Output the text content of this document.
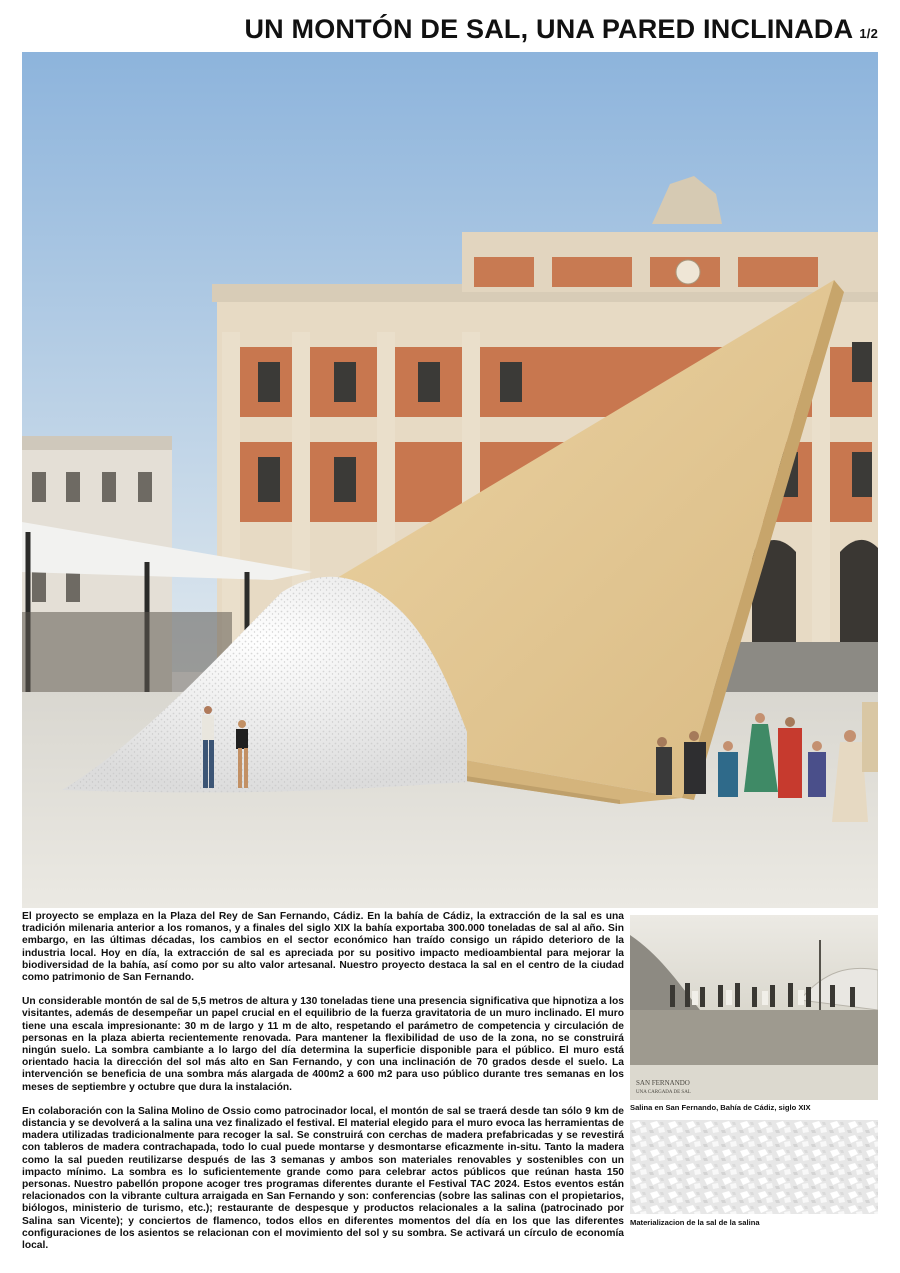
UN MONTÓN DE SAL, UNA PARED INCLINADA 1/2

El proyecto se emplaza en la Plaza del Rey de San Fernando, Cádiz. En la bahía de Cádiz, la extracción de la sal es una tradición milenaria anterior a los romanos, y a finales del siglo XIX la bahía exportaba 300.000 toneladas de sal al año. Sin embargo, en las últimas décadas, los cambios en el sector económico han traído consigo un rápido deterioro de la industria local. Hoy en día, la extracción de sal es apreciada por su positivo impacto medioambiental para mejorar la biodiversidad de la bahía, así como por su alto valor artesanal. Nuestro proyecto destaca la sal en el centro de la ciudad como patrimonio de San Fernando.

Un considerable montón de sal de 5,5 metros de altura y 130 toneladas tiene una presencia significativa que hipnotiza a los visitantes, además de desempeñar un papel crucial en el equilibrio de la fuerza gravitatoria de un muro inclinado. El muro tiene una escala impresionante: 30 m de largo y 11 m de alto, respetando el parámetro de competencia y circulación de personas en la plaza abierta recientemente renovada. Para mantener la flexibilidad de uso de la zona, no se construirá ningún suelo. La sombra cambiante a lo largo del día determina la superficie disponible para el público. El muro está orientado hacia la dirección del sol más alto en San Fernando, y con una inclinación de 70 grados desde el suelo. La intervención se beneficia de una sombra más alargada de 400m2 a 600 m2 para uso público durante tres semanas en los meses de septiembre y octubre que dura la instalación.

En colaboración con la Salina Molino de Ossio como patrocinador local, el montón de sal se traerá desde tan sólo 9 km de distancia y se devolverá a la salina una vez finalizado el festival. El material elegido para el muro evoca las herramientas de madera utilizadas tradicionalmente para recoger la sal. Se construirá con cerchas de madera prefabricadas y se revestirá con tableros de madera contrachapada, todo lo cual puede montarse y desmontarse eficazmente in-situ. Tanto la madera como la sal pueden reutilizarse después de las 3 semanas y ambos son materiales renovables y sostenibles con un impacto mínimo. La sombra es lo suficientemente grande como para celebrar actos públicos que reúnan hasta 150 personas. Nuestro pabellón propone acoger tres programas diferentes durante el Festival TAC 2024. Estos eventos están relacionados con la vibrante cultura arraigada en San Fernando y son: conferencias (sobre las salinas con el propietarios, biólogos, ministerio de turismo, etc.); restaurante de despesque y productos relacionales a la salina (patrocinado por Salina san Vicente); y conciertos de flamenco, todos ellos en diferentes momentos del día en los que las diferentes configuraciones de los asientos se relacionan con el movimiento del sol y su sombra. Se activará un círculo de economía local.

SAN FERNANDO
UNA CARGADA DE SAL
Salina en San Fernando, Bahía de Cádiz, siglo XIX
Materializacion de la sal de la salina
